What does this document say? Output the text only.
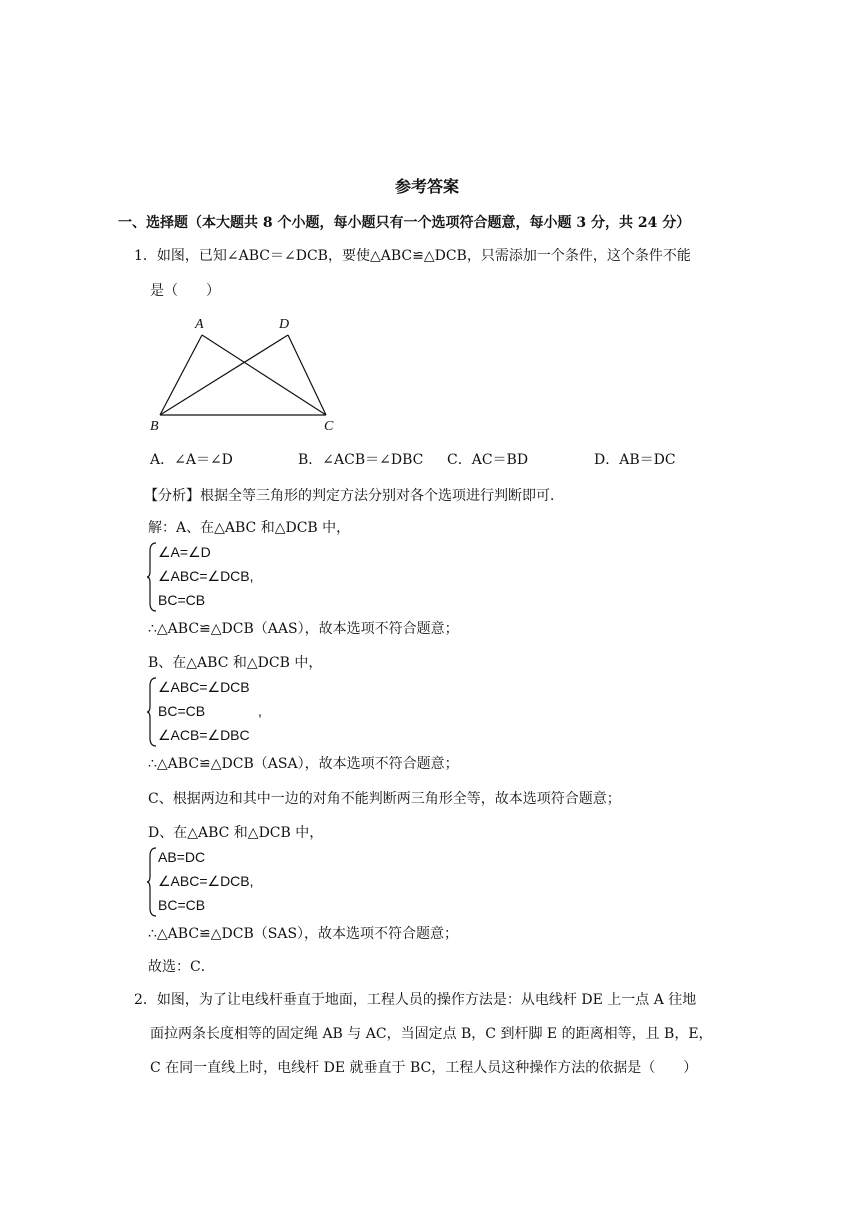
参考答案
一、选择题（本大题共 8 个小题，每小题只有一个选项符合题意，每小题 3 分，共 24 分）
1．如图，已知∠ABC＝∠DCB，要使△ABC≌△DCB，只需添加一个条件，这个条件不能
是（　　）
A	D
B	C
A．∠A＝∠D	B．∠ACB＝∠DBC C．AC＝BD	D．AB＝DC
【分析】根据全等三角形的判定方法分别对各个选项进行判断即可．
解：A、在△ABC 和△DCB 中，
∠A=∠D
∠ABC=∠DCB,
BC=CB
∴△ABC≌△DCB（AAS），故本选项不符合题意；
B、在△ABC 和△DCB 中，
∠ABC=∠DCB
BC=CB
∠ACB=∠DBC
,
∴△ABC≌△DCB（ASA），故本选项不符合题意；
C、根据两边和其中一边的对角不能判断两三角形全等，故本选项符合题意；
D、在△ABC 和△DCB 中，
AB=DC
∠ABC=∠DCB,
BC=CB
∴△ABC≌△DCB（SAS），故本选项不符合题意；
故选：C．
2．如图，为了让电线杆垂直于地面，工程人员的操作方法是：从电线杆 DE 上一点 A 往地
面拉两条长度相等的固定绳 AB 与 AC，当固定点 B，C 到杆脚 E 的距离相等，且 B，E，
C 在同一直线上时，电线杆 DE 就垂直于 BC，工程人员这种操作方法的依据是（　　）
